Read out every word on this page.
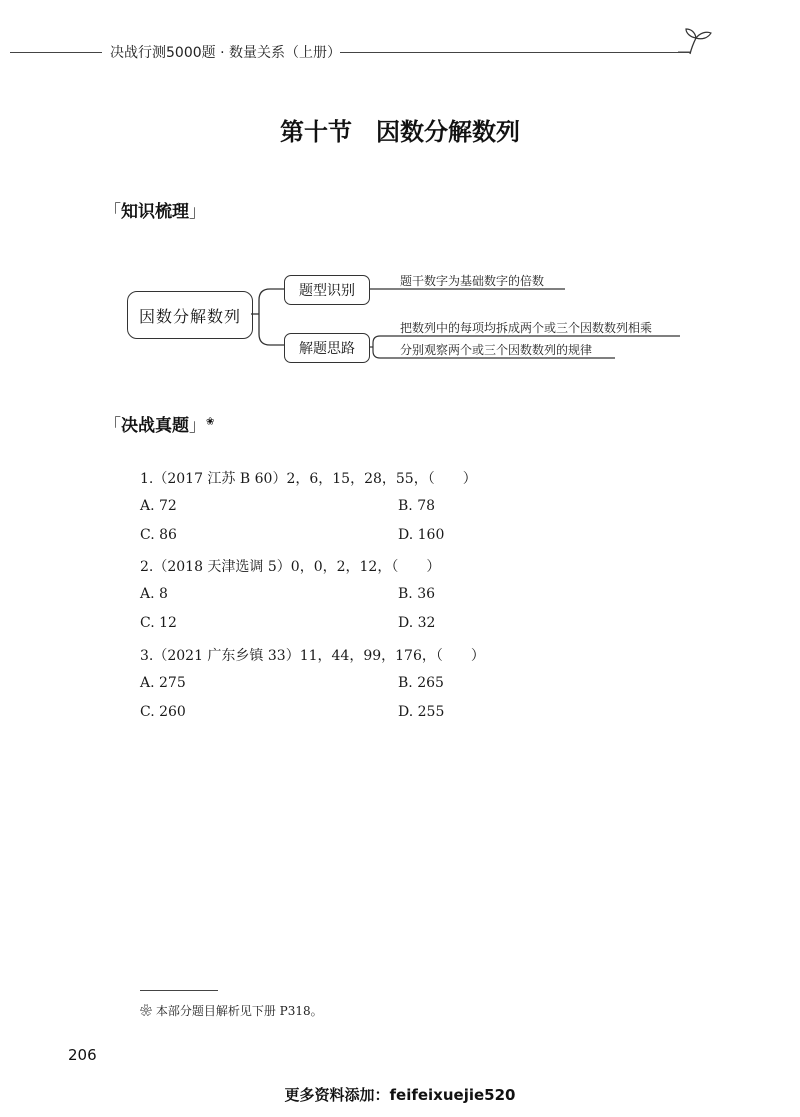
决战行测5000题 · 数量关系（上册）
第十节　因数分解数列
「知识梳理」
因数分解数列
题型识别
解题思路
题干数字为基础数字的倍数
把数列中的每项均拆成两个或三个因数数列相乘
分别观察两个或三个因数数列的规律
「决战真题」❀
1.（2017 江苏 B 60）2，6，15，28，55，（　　）
A. 72	B. 78
C. 86	D. 160
2.（2018 天津选调 5）0，0，2，12，（　　）
A. 8	B. 36
C. 12	D. 32
3.（2021 广东乡镇 33）11，44，99，176，（　　）
A. 275	B. 265
C. 260	D. 255
❀ 本部分题目解析见下册 P318。
206
更多资料添加：feifeixuejie520
